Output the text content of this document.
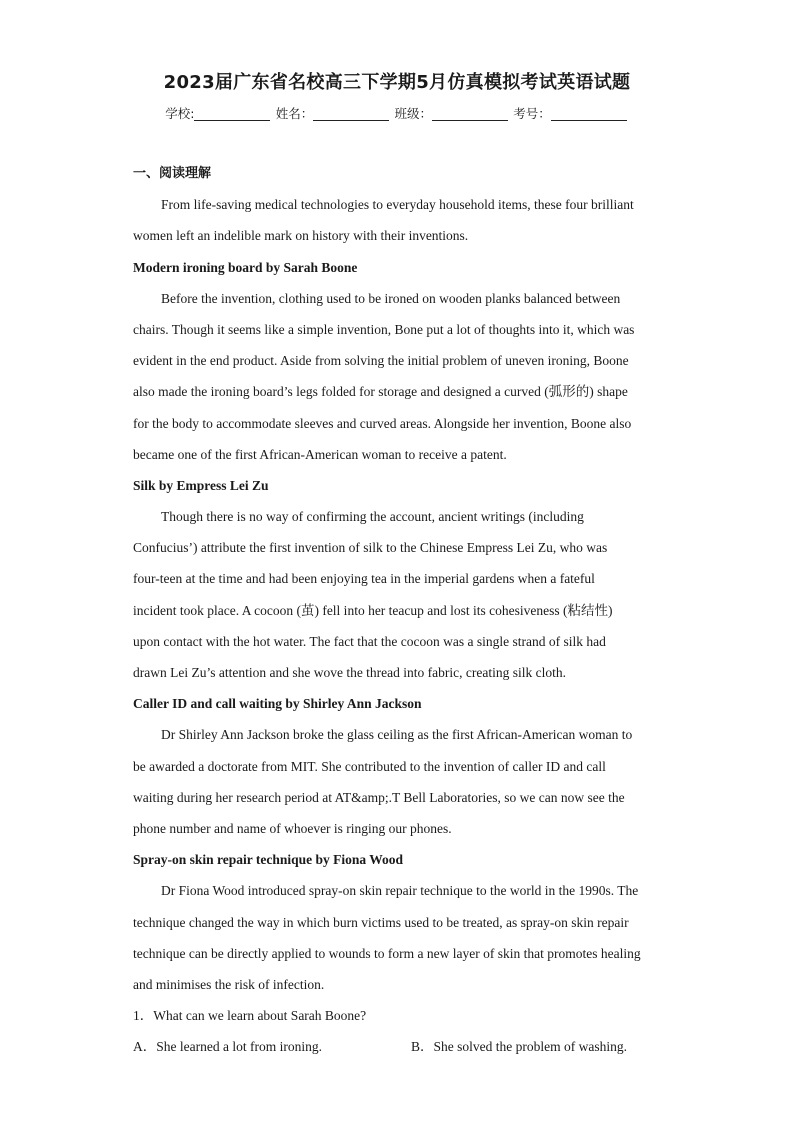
2023届广东省名校高三下学期5月仿真模拟考试英语试题
学校:	姓名：	班级：	考号：
一、阅读理解
From life-saving medical technologies to everyday household items, these four brilliant
women left an indelible mark on history with their inventions.
Modern ironing board by Sarah Boone
Before the invention, clothing used to be ironed on wooden planks balanced between
chairs. Though it seems like a simple invention, Bone put a lot of thoughts into it, which was
evident in the end product. Aside from solving the initial problem of uneven ironing, Boone
also made the ironing board’s legs folded for storage and designed a curved (弧形的) shape
for the body to accommodate sleeves and curved areas. Alongside her invention, Boone also
became one of the first African-American woman to receive a patent.
Silk by Empress Lei Zu
Though there is no way of confirming the account, ancient writings (including
Confucius’) attribute the first invention of silk to the Chinese Empress Lei Zu, who was
four-teen at the time and had been enjoying tea in the imperial gardens when a fateful
incident took place. A cocoon (茧) fell into her teacup and lost its cohesiveness (粘结性)
upon contact with the hot water. The fact that the cocoon was a single strand of silk had
drawn Lei Zu’s attention and she wove the thread into fabric, creating silk cloth.
Caller ID and call waiting by Shirley Ann Jackson
Dr Shirley Ann Jackson broke the glass ceiling as the first African-American woman to
be awarded a doctorate from MIT. She contributed to the invention of caller ID and call
waiting during her research period at AT&amp;.T Bell Laboratories, so we can now see the
phone number and name of whoever is ringing our phones.
Spray-on skin repair technique by Fiona Wood
Dr Fiona Wood introduced spray-on skin repair technique to the world in the 1990s. The
technique changed the way in which burn victims used to be treated, as spray-on skin repair
technique can be directly applied to wounds to form a new layer of skin that promotes healing
and minimises the risk of infection.
1．What can we learn about Sarah Boone?
A．She learned a lot from ironing.	B．She solved the problem of washing.
